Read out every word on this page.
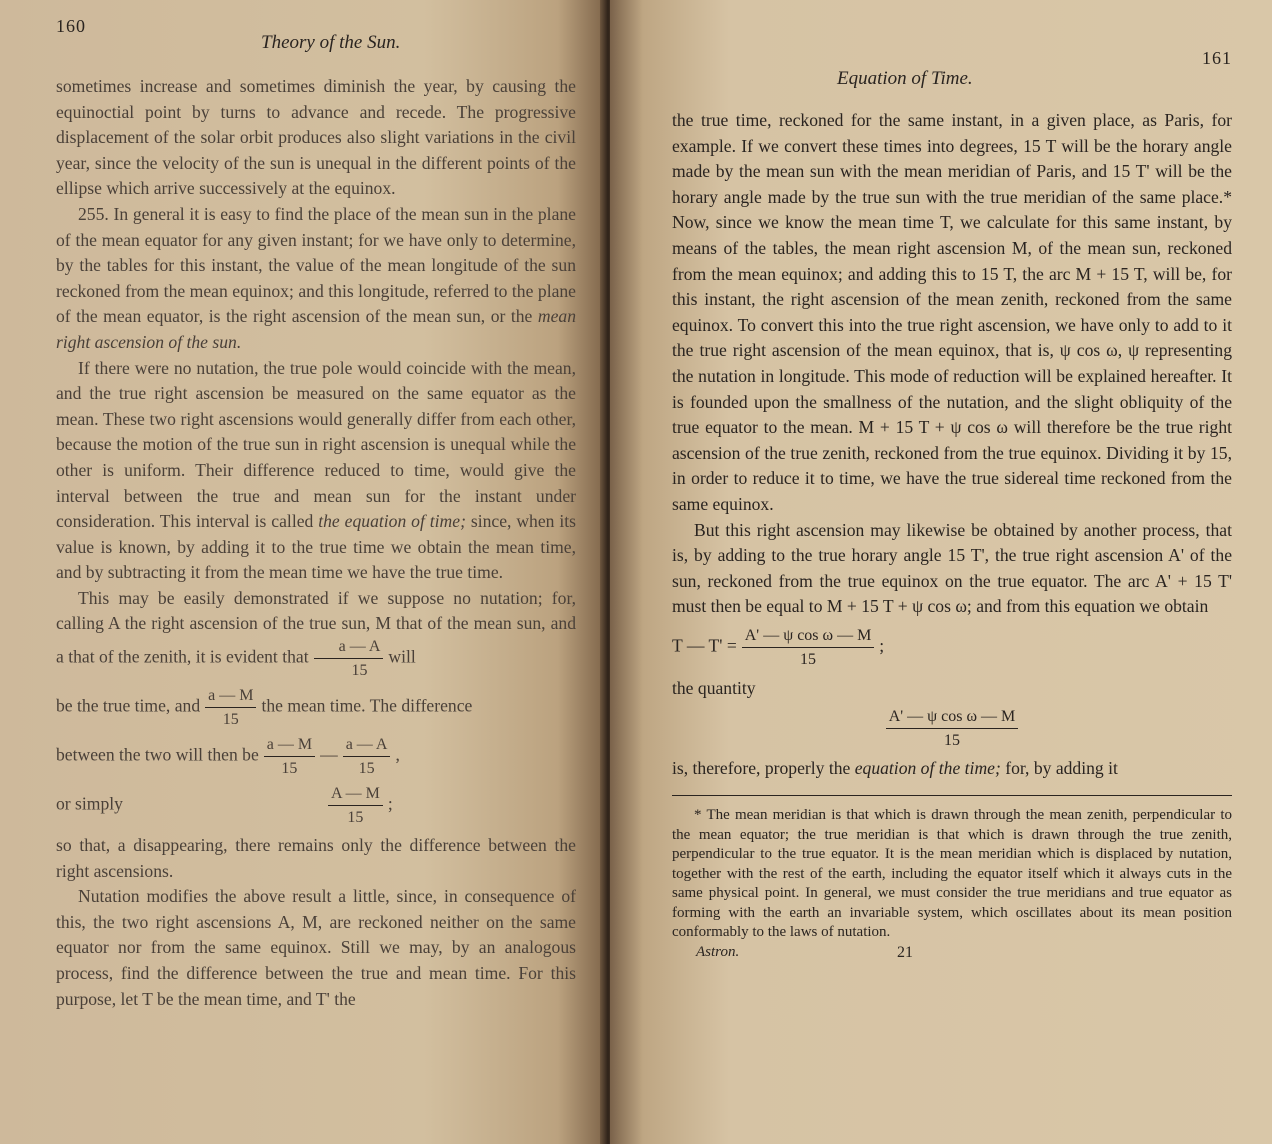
160
Theory of the Sun.

sometimes increase and sometimes diminish the year, by causing the equinoctial point by turns to advance and recede. The progressive displacement of the solar orbit produces also slight variations in the civil year, since the velocity of the sun is unequal in the different points of the ellipse which arrive successively at the equinox.

255. In general it is easy to find the place of the mean sun in the plane of the mean equator for any given instant; for we have only to determine, by the tables for this instant, the value of the mean longitude of the sun reckoned from the mean equinox; and this longitude, referred to the plane of the mean equator, is the right ascension of the mean sun, or the mean right ascension of the sun.

If there were no nutation, the true pole would coincide with the mean, and the true right ascension be measured on the same equator as the mean. These two right ascensions would generally differ from each other, because the motion of the true sun in right ascension is unequal while the other is uniform. Their difference reduced to time, would give the interval between the true and mean sun for the instant under consideration. This interval is called the equation of time; since, when its value is known, by adding it to the true time we obtain the mean time, and by subtracting it from the mean time we have the true time.

This may be easily demonstrated if we suppose no nutation; for, calling A the right ascension of the true sun, M that of the mean sun, and a that of the zenith, it is evident that $\frac{a — A}{15}$ will

be the true time, and $\frac{a — M}{15}$ the mean time. The difference

between the two will then be $\frac{a — M}{15}$ — $\frac{a — A}{15}$ ,

or simply	$\frac{A — M}{15}$ ;

so that, a disappearing, there remains only the difference between the right ascensions.

Nutation modifies the above result a little, since, in consequence of this, the two right ascensions A, M, are reckoned neither on the same equator nor from the same equinox. Still we may, by an analogous process, find the difference between the true and mean time. For this purpose, let T be the mean time, and T' the

Equation of Time.
161

the true time, reckoned for the same instant, in a given place, as Paris, for example. If we convert these times into degrees, 15 T will be the horary angle made by the mean sun with the mean meridian of Paris, and 15 T' will be the horary angle made by the true sun with the true meridian of the same place.* Now, since we know the mean time T, we calculate for this same instant, by means of the tables, the mean right ascension M, of the mean sun, reckoned from the mean equinox; and adding this to 15 T, the arc M + 15 T, will be, for this instant, the right ascension of the mean zenith, reckoned from the same equinox. To convert this into the true right ascension, we have only to add to it the true right ascension of the mean equinox, that is, ψ cos ω, ψ representing the nutation in longitude. This mode of reduction will be explained hereafter. It is founded upon the smallness of the nutation, and the slight obliquity of the true equator to the mean. M + 15 T + ψ cos ω will therefore be the true right ascension of the true zenith, reckoned from the true equinox. Dividing it by 15, in order to reduce it to time, we have the true sidereal time reckoned from the same equinox.

But this right ascension may likewise be obtained by another process, that is, by adding to the true horary angle 15 T', the true right ascension A' of the sun, reckoned from the true equinox on the true equator. The arc A' + 15 T' must then be equal to M + 15 T + ψ cos ω; and from this equation we obtain

T — $T' = \frac{\text{A' — ψ cos ω — M}}{15}$ ;

the quantity

$\frac{\text{A' — ψ cos ω — M}}{15}$

is, therefore, properly the equation of the time; for, by adding it

* The mean meridian is that which is drawn through the mean zenith, perpendicular to the mean equator; the true meridian is that which is drawn through the true zenith, perpendicular to the true equator. It is the mean meridian which is displaced by nutation, together with the rest of the earth, including the equator itself which it always cuts in the same physical point. In general, we must consider the true meridians and true equator as forming with the earth an invariable system, which oscillates about its mean position conformably to the laws of nutation.

Astron.	21
